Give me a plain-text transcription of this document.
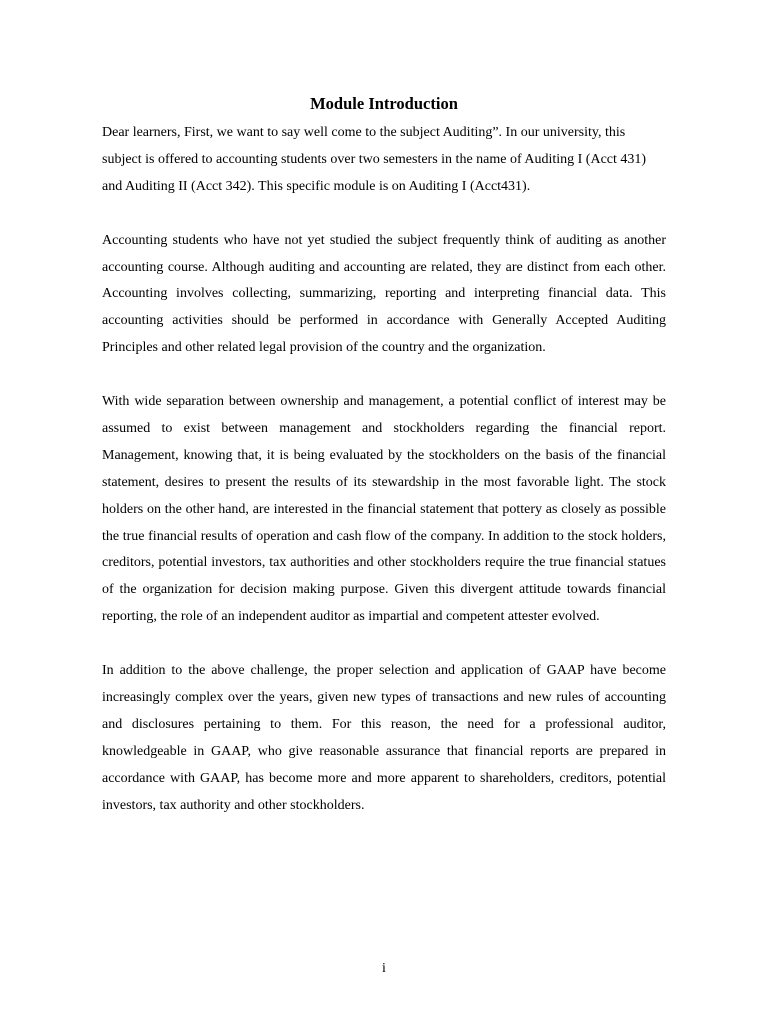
Module Introduction

Dear learners, First, we want to say well come to the subject Auditing”. In our university, this subject is offered to accounting students over two semesters in the name of Auditing I (Acct 431) and Auditing II (Acct 342). This specific module is on Auditing I (Acct431).

Accounting students who have not yet studied the subject frequently think of auditing as another accounting course. Although auditing and accounting are related, they are distinct from each other. Accounting involves collecting, summarizing, reporting and interpreting financial data. This accounting activities should be performed in accordance with Generally Accepted Auditing Principles and other related legal provision of the country and the organization.

With wide separation between ownership and management, a potential conflict of interest may be assumed to exist between management and stockholders regarding the financial report. Management, knowing that, it is being evaluated by the stockholders on the basis of the financial statement, desires to present the results of its stewardship in the most favorable light. The stock holders on the other hand, are interested in the financial statement that pottery as closely as possible the true financial results of operation and cash flow of the company. In addition to the stock holders, creditors, potential investors, tax authorities and other stockholders require the true financial statues of the organization for decision making purpose. Given this divergent attitude towards financial reporting, the role of an independent auditor as impartial and competent attester evolved.

In addition to the above challenge, the proper selection and application of GAAP have become increasingly complex over the years, given new types of transactions and new rules of accounting and disclosures pertaining to them. For this reason, the need for a professional auditor, knowledgeable in GAAP, who give reasonable assurance that financial reports are prepared in accordance with GAAP, has become more and more apparent to shareholders, creditors, potential investors, tax authority and other stockholders.

i
